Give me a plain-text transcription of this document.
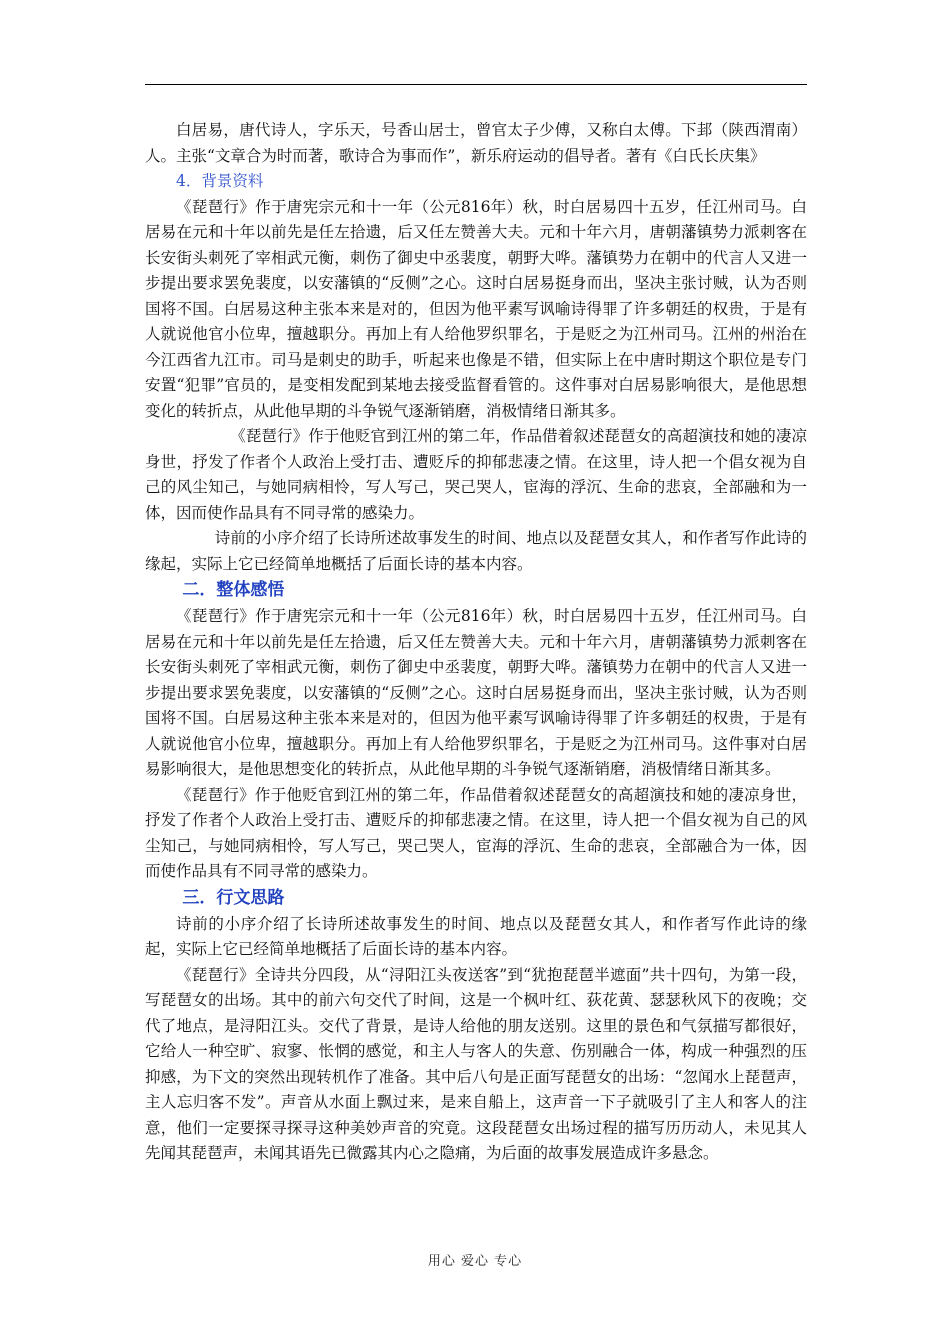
白居易，唐代诗人，字乐天，号香山居士，曾官太子少傅，又称白太傅。下邽（陕西渭南）人。主张“文章合为时而著，歌诗合为事而作”，新乐府运动的倡导者。著有《白氏长庆集》

4．背景资料

《琵琶行》作于唐宪宗元和十一年（公元816年）秋，时白居易四十五岁，任江州司马。白居易在元和十年以前先是任左拾遗，后又任左赞善大夫。元和十年六月，唐朝藩镇势力派刺客在长安街头刺死了宰相武元衡，刺伤了御史中丞裴度，朝野大哗。藩镇势力在朝中的代言人又进一步提出要求罢免裴度，以安藩镇的“反侧”之心。这时白居易挺身而出，坚决主张讨贼，认为否则国将不国。白居易这种主张本来是对的，但因为他平素写讽喻诗得罪了许多朝廷的权贵，于是有人就说他官小位卑，擅越职分。再加上有人给他罗织罪名，于是贬之为江州司马。江州的州治在今江西省九江市。司马是刺史的助手，听起来也像是不错，但实际上在中唐时期这个职位是专门安置“犯罪”官员的，是变相发配到某地去接受监督看管的。这件事对白居易影响很大，是他思想变化的转折点，从此他早期的斗争锐气逐渐销磨，消极情绪日渐其多。

《琵琶行》作于他贬官到江州的第二年，作品借着叙述琵琶女的高超演技和她的凄凉身世，抒发了作者个人政治上受打击、遭贬斥的抑郁悲凄之情。在这里，诗人把一个倡女视为自己的风尘知己，与她同病相怜，写人写己，哭己哭人，宦海的浮沉、生命的悲哀，全部融和为一体，因而使作品具有不同寻常的感染力。

诗前的小序介绍了长诗所述故事发生的时间、地点以及琵琶女其人，和作者写作此诗的缘起，实际上它已经简单地概括了后面长诗的基本内容。

二．整体感悟

《琵琶行》作于唐宪宗元和十一年（公元816年）秋，时白居易四十五岁，任江州司马。白居易在元和十年以前先是任左拾遗，后又任左赞善大夫。元和十年六月，唐朝藩镇势力派刺客在长安街头刺死了宰相武元衡，刺伤了御史中丞裴度，朝野大哗。藩镇势力在朝中的代言人又进一步提出要求罢免裴度，以安藩镇的“反侧”之心。这时白居易挺身而出，坚决主张讨贼，认为否则国将不国。白居易这种主张本来是对的，但因为他平素写讽喻诗得罪了许多朝廷的权贵，于是有人就说他官小位卑，擅越职分。再加上有人给他罗织罪名，于是贬之为江州司马。这件事对白居易影响很大，是他思想变化的转折点，从此他早期的斗争锐气逐渐销磨，消极情绪日渐其多。

《琵琶行》作于他贬官到江州的第二年，作品借着叙述琵琶女的高超演技和她的凄凉身世，抒发了作者个人政治上受打击、遭贬斥的抑郁悲凄之情。在这里，诗人把一个倡女视为自己的风尘知己，与她同病相怜，写人写己，哭己哭人，宦海的浮沉、生命的悲哀，全部融合为一体，因而使作品具有不同寻常的感染力。

三．行文思路

诗前的小序介绍了长诗所述故事发生的时间、地点以及琵琶女其人，和作者写作此诗的缘起，实际上它已经简单地概括了后面长诗的基本内容。

《琵琶行》全诗共分四段，从“浔阳江头夜送客”到“犹抱琵琶半遮面”共十四句，为第一段，写琵琶女的出场。其中的前六句交代了时间，这是一个枫叶红、荻花黄、瑟瑟秋风下的夜晚；交代了地点，是浔阳江头。交代了背景，是诗人给他的朋友送别。这里的景色和气氛描写都很好，它给人一种空旷、寂寥、怅惘的感觉，和主人与客人的失意、伤别融合一体，构成一种强烈的压抑感，为下文的突然出现转机作了准备。其中后八句是正面写琵琶女的出场：“忽闻水上琵琶声，主人忘归客不发”。声音从水面上飘过来，是来自船上，这声音一下子就吸引了主人和客人的注意，他们一定要探寻探寻这种美妙声音的究竟。这段琵琶女出场过程的描写历历动人，未见其人先闻其琵琶声，未闻其语先已微露其内心之隐痛，为后面的故事发展造成许多悬念。

用心 爱心 专心
